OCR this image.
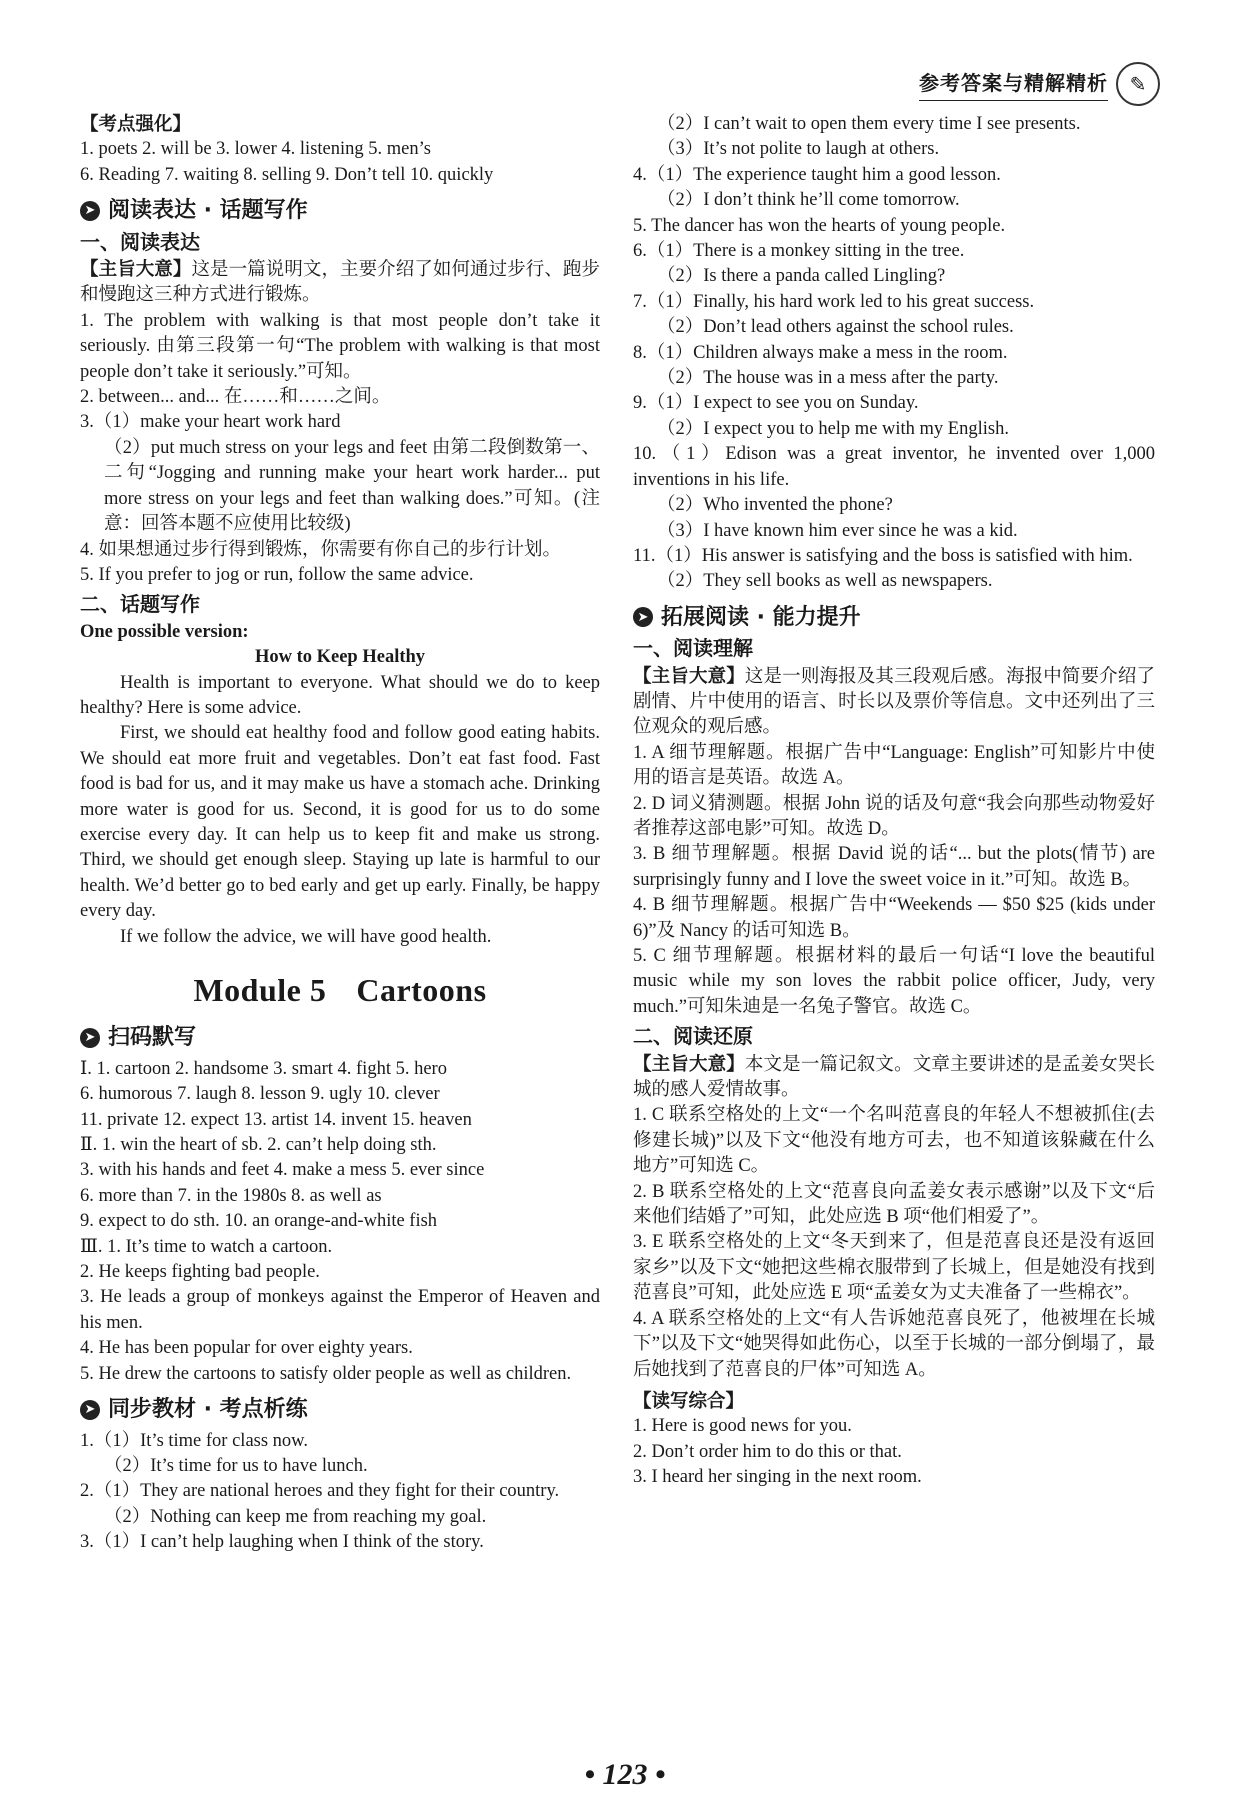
参考答案与精解精析	✎
【考点强化】
1. poets 2. will be 3. lower 4. listening 5. men’s
6. Reading 7. waiting 8. selling 9. Don’t tell 10. quickly
➤ 阅读表达 · 话题写作
一、阅读表达
【主旨大意】这是一篇说明文，主要介绍了如何通过步行、跑步和慢跑这三种方式进行锻炼。
1. The problem with walking is that most people don’t take it seriously. 由第三段第一句“The problem with walking is that most people don’t take it seriously.”可知。
2. between... and... 在……和……之间。
3.（1）make your heart work hard
（2）put much stress on your legs and feet 由第二段倒数第一、二句“Jogging and running make your heart work harder... put more stress on your legs and feet than walking does.”可知。(注意：回答本题不应使用比较级)
4. 如果想通过步行得到锻炼，你需要有你自己的步行计划。
5. If you prefer to jog or run, follow the same advice.
二、话题写作
One possible version:
How to Keep Healthy
Health is important to everyone. What should we do to keep healthy? Here is some advice.
First, we should eat healthy food and follow good eating habits. We should eat more fruit and vegetables. Don’t eat fast food. Fast food is bad for us, and it may make us have a stomach ache. Drinking more water is good for us. Second, it is good for us to do some exercise every day. It can help us to keep fit and make us strong. Third, we should get enough sleep. Staying up late is harmful to our health. We’d better go to bed early and get up early. Finally, be happy every day.
If we follow the advice, we will have good health.
Module 5 Cartoons
➤ 扫码默写
Ⅰ. 1. cartoon 2. handsome 3. smart 4. fight 5. hero
6. humorous 7. laugh 8. lesson 9. ugly 10. clever
11. private 12. expect 13. artist 14. invent 15. heaven
Ⅱ. 1. win the heart of sb. 2. can’t help doing sth.
3. with his hands and feet 4. make a mess 5. ever since
6. more than 7. in the 1980s 8. as well as
9. expect to do sth. 10. an orange-and-white fish
Ⅲ. 1. It’s time to watch a cartoon.
2. He keeps fighting bad people.
3. He leads a group of monkeys against the Emperor of Heaven and his men.
4. He has been popular for over eighty years.
5. He drew the cartoons to satisfy older people as well as children.
➤ 同步教材 · 考点析练
1.（1）It’s time for class now.
（2）It’s time for us to have lunch.
2.（1）They are national heroes and they fight for their country.
（2）Nothing can keep me from reaching my goal.
3.（1）I can’t help laughing when I think of the story.
（2）I can’t wait to open them every time I see presents.
（3）It’s not polite to laugh at others.
4.（1）The experience taught him a good lesson.
（2）I don’t think he’ll come tomorrow.
5. The dancer has won the hearts of young people.
6.（1）There is a monkey sitting in the tree.
（2）Is there a panda called Lingling?
7.（1）Finally, his hard work led to his great success.
（2）Don’t lead others against the school rules.
8.（1）Children always make a mess in the room.
（2）The house was in a mess after the party.
9.（1）I expect to see you on Sunday.
（2）I expect you to help me with my English.
10.（1）Edison was a great inventor, he invented over 1,000 inventions in his life.
（2）Who invented the phone?
（3）I have known him ever since he was a kid.
11.（1）His answer is satisfying and the boss is satisfied with him.
（2）They sell books as well as newspapers.
➤ 拓展阅读 · 能力提升
一、阅读理解
【主旨大意】这是一则海报及其三段观后感。海报中简要介绍了剧情、片中使用的语言、时长以及票价等信息。文中还列出了三位观众的观后感。
1. A 细节理解题。根据广告中“Language: English”可知影片中使用的语言是英语。故选 A。
2. D 词义猜测题。根据 John 说的话及句意“我会向那些动物爱好者推荐这部电影”可知。故选 D。
3. B 细节理解题。根据 David 说的话“... but the plots(情节) are surprisingly funny and I love the sweet voice in it.”可知。故选 B。
4. B 细节理解题。根据广告中“Weekends — $50 $25 (kids under 6)”及 Nancy 的话可知选 B。
5. C 细节理解题。根据材料的最后一句话“I love the beautiful music while my son loves the rabbit police officer, Judy, very much.”可知朱迪是一名兔子警官。故选 C。
二、阅读还原
【主旨大意】本文是一篇记叙文。文章主要讲述的是孟姜女哭长城的感人爱情故事。
1. C 联系空格处的上文“一个名叫范喜良的年轻人不想被抓住(去修建长城)”以及下文“他没有地方可去，也不知道该躲藏在什么地方”可知选 C。
2. B 联系空格处的上文“范喜良向孟姜女表示感谢”以及下文“后来他们结婚了”可知，此处应选 B 项“他们相爱了”。
3. E 联系空格处的上文“冬天到来了，但是范喜良还是没有返回家乡”以及下文“她把这些棉衣服带到了长城上，但是她没有找到范喜良”可知，此处应选 E 项“孟姜女为丈夫准备了一些棉衣”。
4. A 联系空格处的上文“有人告诉她范喜良死了，他被埋在长城下”以及下文“她哭得如此伤心，以至于长城的一部分倒塌了，最后她找到了范喜良的尸体”可知选 A。
【读写综合】
1. Here is good news for you.
2. Don’t order him to do this or that.
3. I heard her singing in the next room.
• 123 •
